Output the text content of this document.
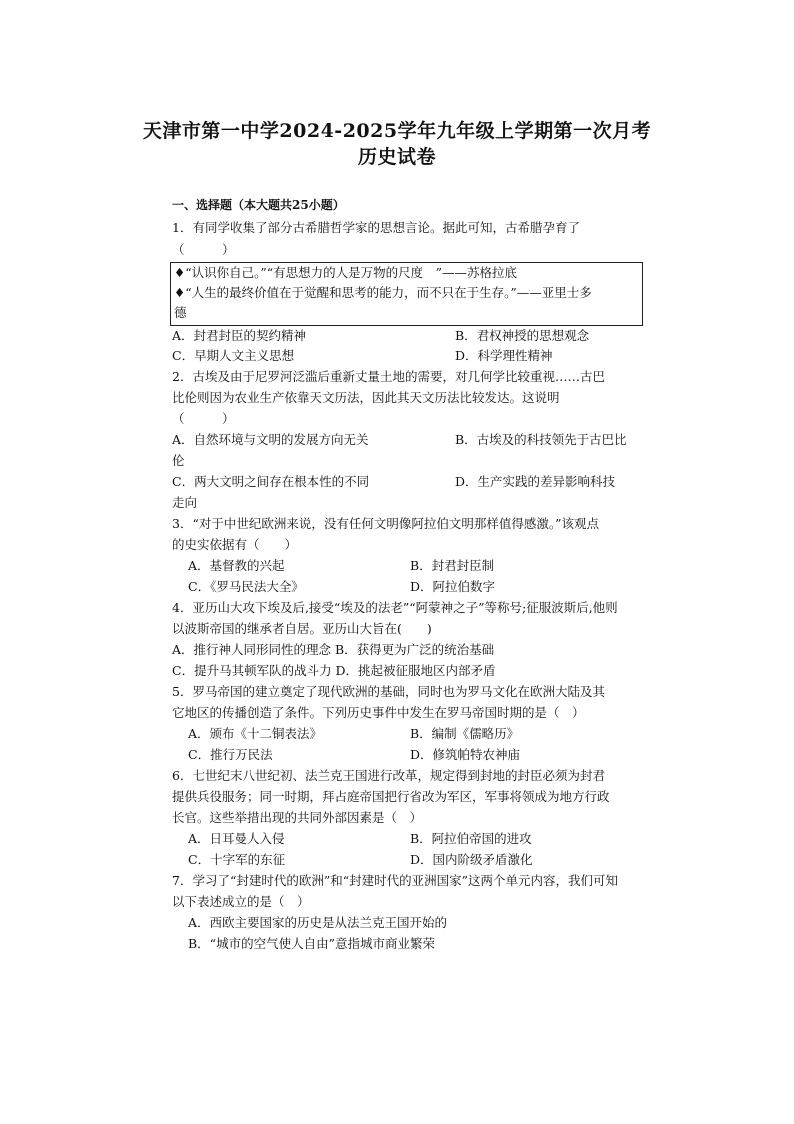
天津市第一中学2024-2025学年九年级上学期第一次月考
历史试卷
一、选择题（本大题共25小题）
1．有同学收集了部分古希腊哲学家的思想言论。据此可知，古希腊孕育了
（　　　）
♦“认识你自己。”“有思想力的人是万物的尺度　”——苏格拉底
♦“人生的最终价值在于觉醒和思考的能力，而不只在于生存。”——亚里士多
德
A．封君封臣的契约精神	B．君权神授的思想观念
C．早期人文主义思想	D．科学理性精神
2．古埃及由于尼罗河泛滥后重新丈量土地的需要，对几何学比较重视……古巴
比伦则因为农业生产依靠天文历法，因此其天文历法比较发达。这说明
（　　　）
A．自然环境与文明的发展方向无关	B．古埃及的科技领先于古巴比
伦
C．两大文明之间存在根本性的不同	D．生产实践的差异影响科技
走向
3．“对于中世纪欧洲来说，没有任何文明像阿拉伯文明那样值得感激。”该观点
的史实依据有（　　）
A．基督教的兴起	B．封君封臣制
C．《罗马民法大全》	D．阿拉伯数字
4．亚历山大攻下埃及后,接受“埃及的法老”“阿蒙神之子”等称号;征服波斯后,他则
以波斯帝国的继承者自居。亚历山大旨在(　　)
A．推行神人同形同性的理念 B．获得更为广泛的统治基础
C．提升马其顿军队的战斗力 D．挑起被征服地区内部矛盾
5．罗马帝国的建立奠定了现代欧洲的基础，同时也为罗马文化在欧洲大陆及其
它地区的传播创造了条件。下列历史事件中发生在罗马帝国时期的是（　）
A．颁布《十二铜表法》	B．编制《儒略历》
C．推行万民法	D．修筑帕特农神庙
6．七世纪末八世纪初、法兰克王国进行改革，规定得到封地的封臣必须为封君
提供兵役服务；同一时期，拜占庭帝国把行省改为军区，军事将领成为地方行政
长官。这些举措出现的共同外部因素是（　）
A．日耳曼人入侵	B．阿拉伯帝国的进攻
C．十字军的东征	D．国内阶级矛盾激化
7．学习了“封建时代的欧洲”和“封建时代的亚洲国家”这两个单元内容，我们可知
以下表述成立的是（　）
A．西欧主要国家的历史是从法兰克王国开始的
B．“城市的空气使人自由”意指城市商业繁荣
